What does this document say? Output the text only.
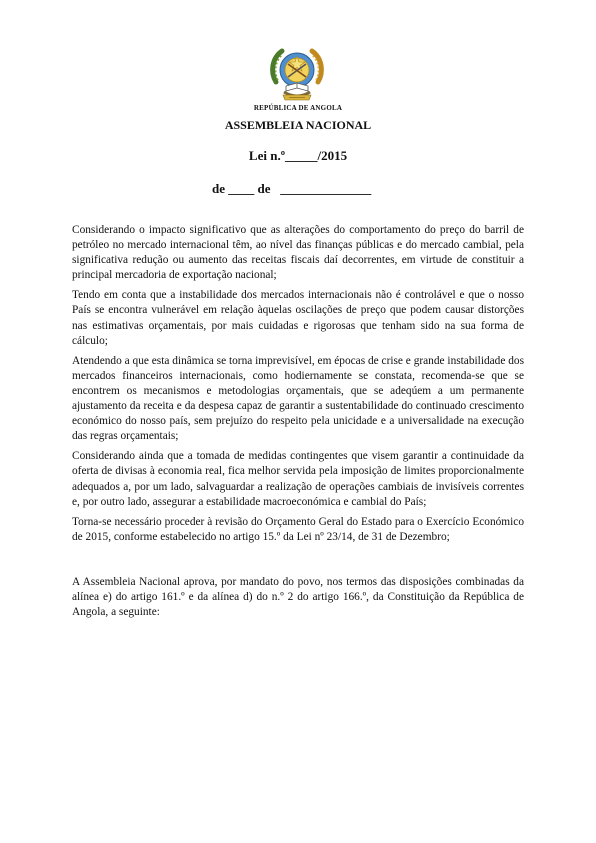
REPÚBLICA DE ANGOLA
ASSEMBLEIA NACIONAL
Lei n.º_____/2015
de ____ de   ______________

Considerando o impacto significativo que as alterações do comportamento do preço do barril de petróleo no mercado internacional têm, ao nível das finanças públicas e do mercado cambial, pela significativa redução ou aumento das receitas fiscais daí decorrentes, em virtude de constituir a principal mercadoria de exportação nacional;

Tendo em conta que a instabilidade dos mercados internacionais não é controlável e que o nosso País se encontra vulnerável em relação àquelas oscilações de preço que podem causar distorções nas estimativas orçamentais, por mais cuidadas e rigorosas que tenham sido na sua forma de cálculo;

Atendendo a que esta dinâmica se torna imprevisível, em épocas de crise e grande instabilidade dos mercados financeiros internacionais, como hodiernamente se constata, recomenda-se que se encontrem os mecanismos e metodologias orçamentais, que se adeqúem a um permanente ajustamento da receita e da despesa capaz de garantir a sustentabilidade do continuado crescimento económico do nosso país, sem prejuízo do respeito pela unicidade e a universalidade na execução das regras orçamentais;

Considerando ainda que a tomada de medidas contingentes que visem garantir a continuidade da oferta de divisas à economia real, fica melhor servida pela imposição de limites proporcionalmente adequados a, por um lado, salvaguardar a realização de operações cambiais de invisíveis correntes e, por outro lado, assegurar a estabilidade macroeconómica e cambial do País;

Torna-se necessário proceder à revisão do Orçamento Geral do Estado para o Exercício Económico de 2015, conforme estabelecido no artigo 15.º da Lei nº 23/14, de 31 de Dezembro;

A Assembleia Nacional aprova, por mandato do povo, nos termos das disposições combinadas da alínea e) do artigo 161.º e da alínea d) do n.º 2 do artigo 166.º, da Constituição da República de Angola, a seguinte:
